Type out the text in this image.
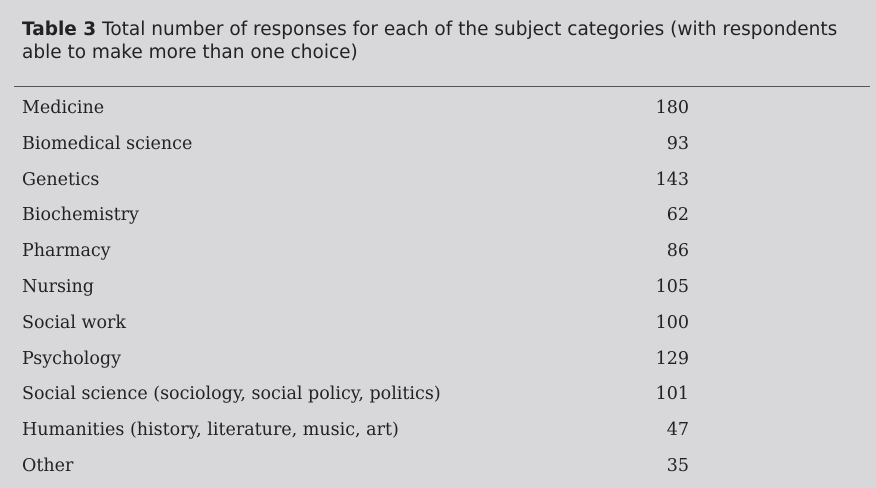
Table 3 Total number of responses for each of the subject categories (with respondents able to make more than one choice)
Medicine	180
Biomedical science	93
Genetics	143
Biochemistry	62
Pharmacy	86
Nursing	105
Social work	100
Psychology	129
Social science (sociology, social policy, politics)	101
Humanities (history, literature, music, art)	47
Other	35
